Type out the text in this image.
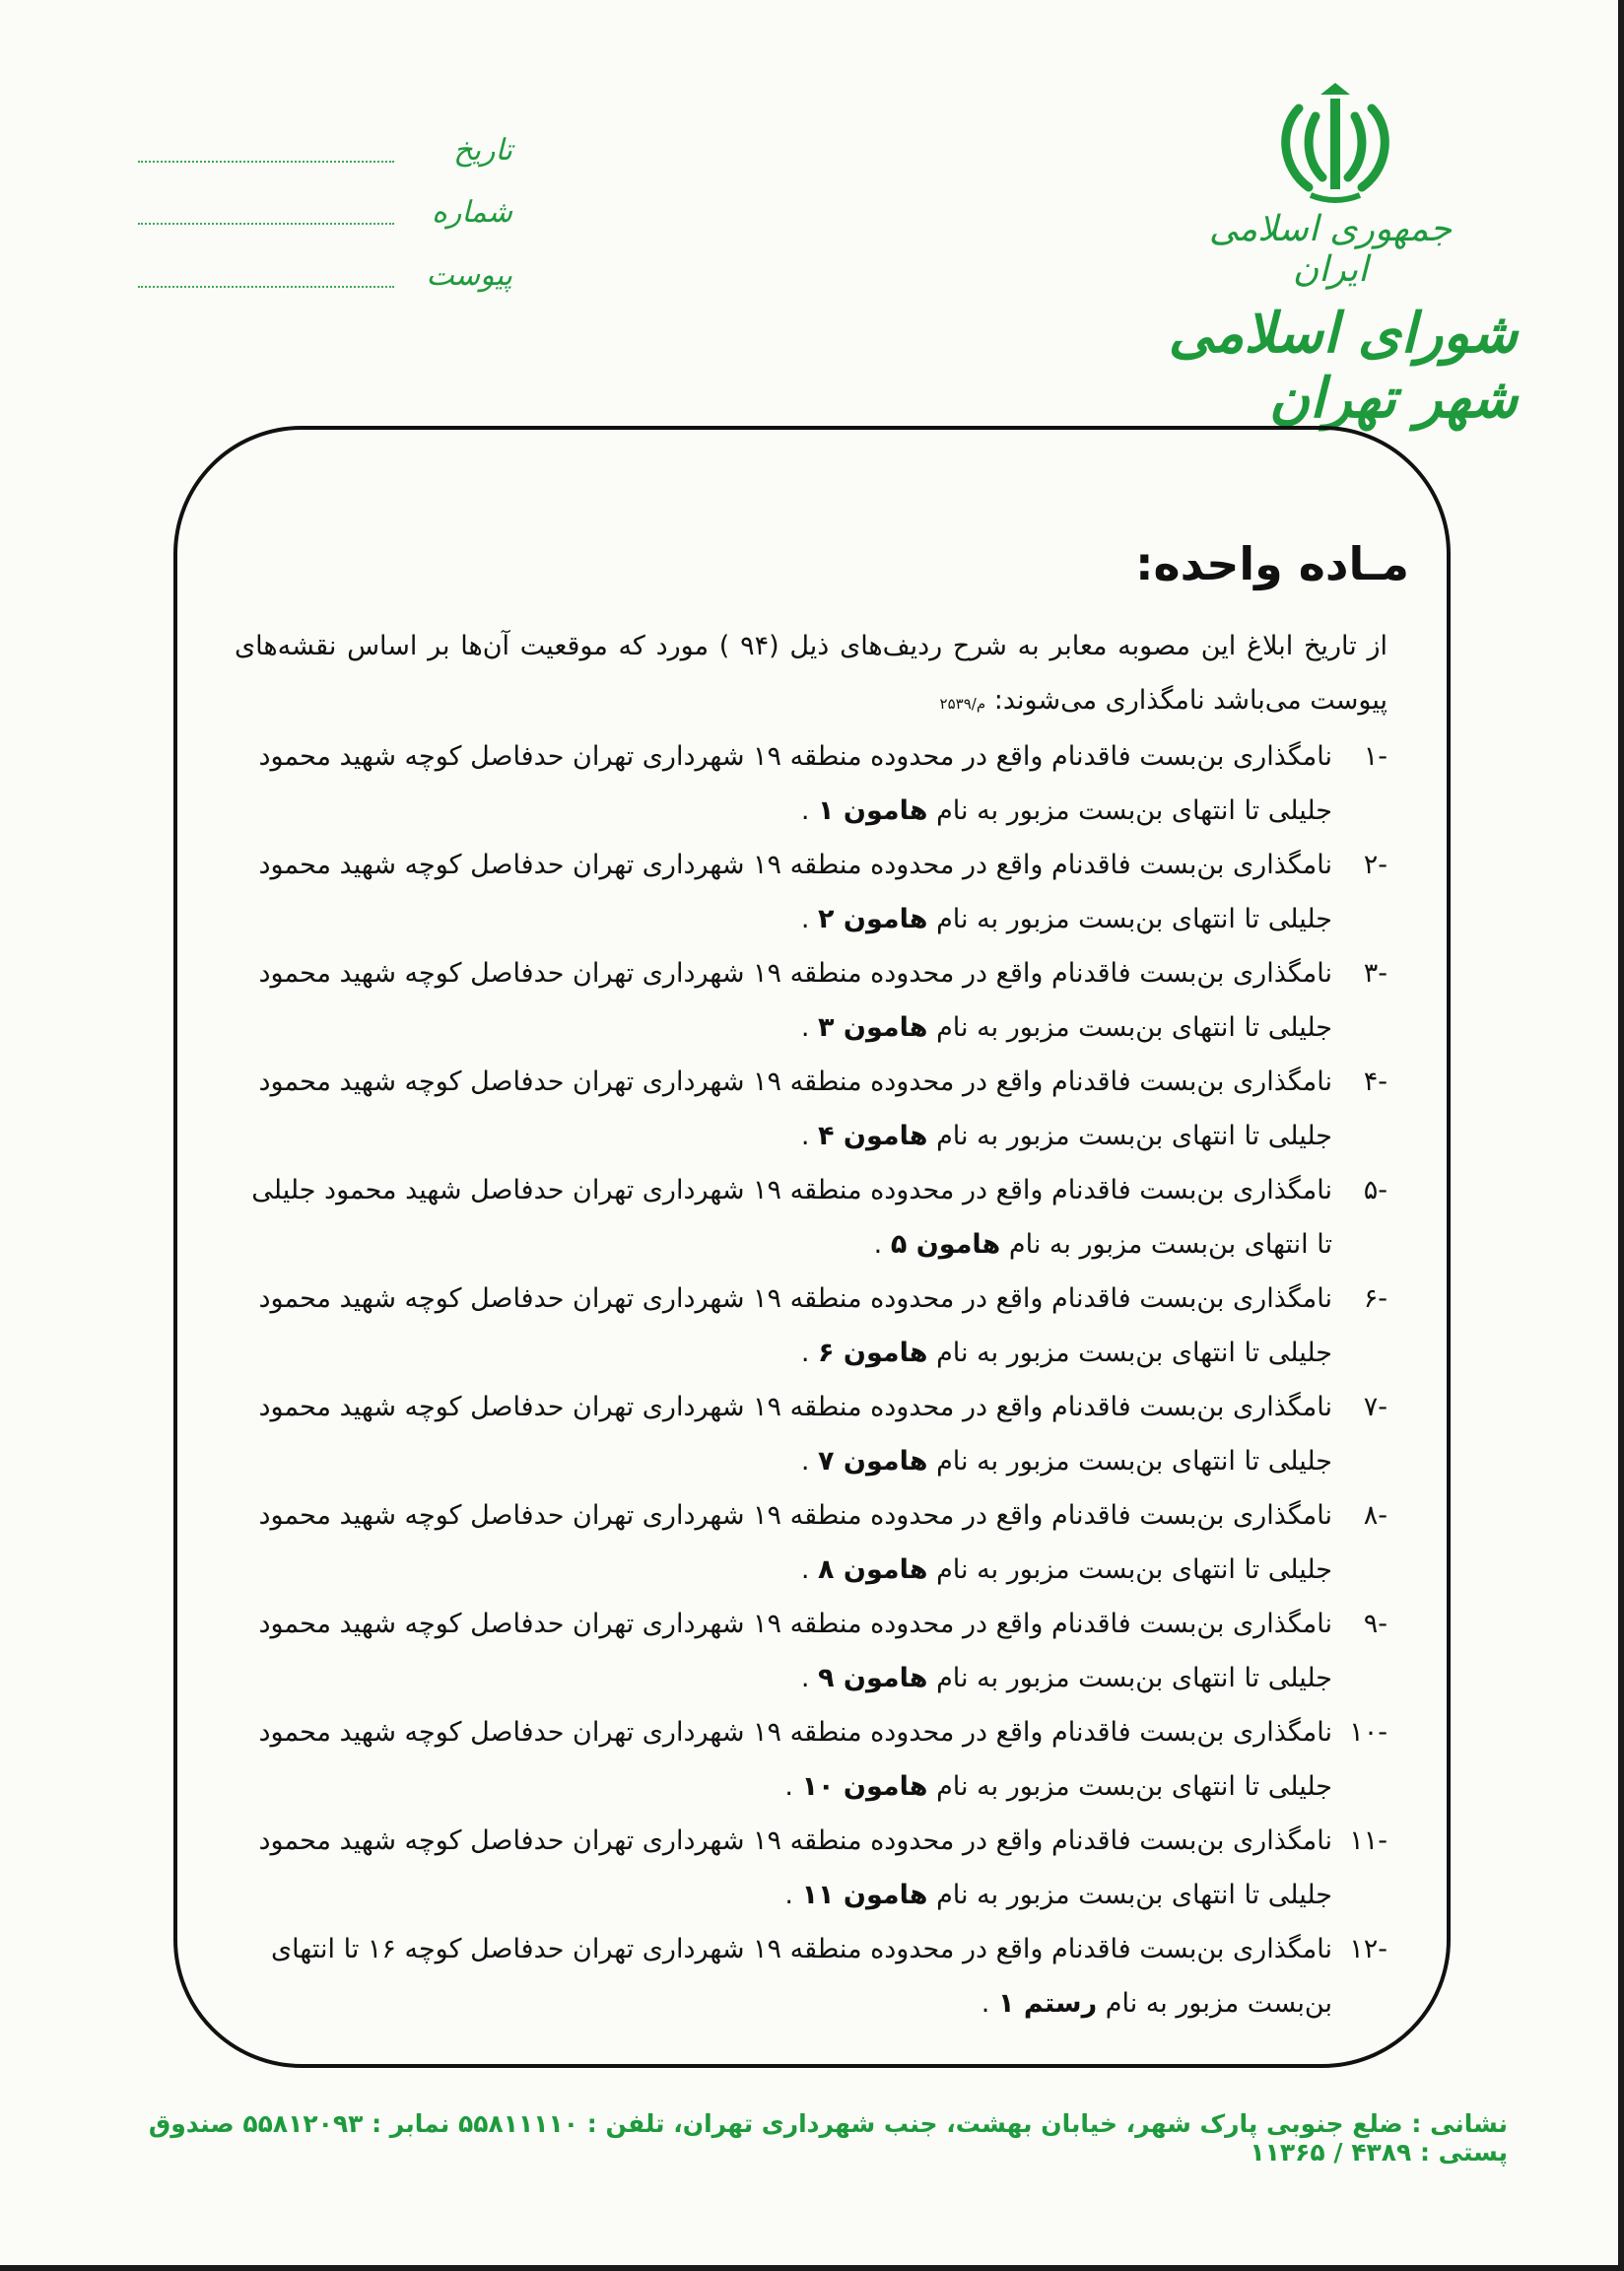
جمهوری اسلامی ایران
شورای اسلامی شهر تهران
تاریخ
شماره
پیوست
مـاده واحده:
از تاریخ ابلاغ این مصوبه معابر به شرح ردیف‌های ذیل (۹۴ ) مورد که موقعیت آن‌ها بر اساس نقشه‌های پیوست می‌باشد نامگذاری می‌شوند: م/۲۵۳۹
-۱
نامگذاری بن‌بست فاقدنام واقع در محدوده منطقه ۱۹ شهرداری تهران حدفاصل کوچه شهید محمود جلیلی تا انتهای بن‌بست مزبور به نام هامون ۱ .
-۲
نامگذاری بن‌بست فاقدنام واقع در محدوده منطقه ۱۹ شهرداری تهران حدفاصل کوچه شهید محمود جلیلی تا انتهای بن‌بست مزبور به نام هامون ۲ .
-۳
نامگذاری بن‌بست فاقدنام واقع در محدوده منطقه ۱۹ شهرداری تهران حدفاصل کوچه شهید محمود جلیلی تا انتهای بن‌بست مزبور به نام هامون ۳ .
-۴
نامگذاری بن‌بست فاقدنام واقع در محدوده منطقه ۱۹ شهرداری تهران حدفاصل کوچه شهید محمود جلیلی تا انتهای بن‌بست مزبور به نام هامون ۴ .
-۵
نامگذاری بن‌بست فاقدنام واقع در محدوده منطقه ۱۹ شهرداری تهران حدفاصل شهید محمود جلیلی تا انتهای بن‌بست مزبور به نام هامون ۵ .
-۶
نامگذاری بن‌بست فاقدنام واقع در محدوده منطقه ۱۹ شهرداری تهران حدفاصل کوچه شهید محمود جلیلی تا انتهای بن‌بست مزبور به نام هامون ۶ .
-۷
نامگذاری بن‌بست فاقدنام واقع در محدوده منطقه ۱۹ شهرداری تهران حدفاصل کوچه شهید محمود جلیلی تا انتهای بن‌بست مزبور به نام هامون ۷ .
-۸
نامگذاری بن‌بست فاقدنام واقع در محدوده منطقه ۱۹ شهرداری تهران حدفاصل کوچه شهید محمود جلیلی تا انتهای بن‌بست مزبور به نام هامون ۸ .
-۹
نامگذاری بن‌بست فاقدنام واقع در محدوده منطقه ۱۹ شهرداری تهران حدفاصل کوچه شهید محمود جلیلی تا انتهای بن‌بست مزبور به نام هامون ۹ .
-۱۰
نامگذاری بن‌بست فاقدنام واقع در محدوده منطقه ۱۹ شهرداری تهران حدفاصل کوچه شهید محمود جلیلی تا انتهای بن‌بست مزبور به نام هامون ۱۰ .
-۱۱
نامگذاری بن‌بست فاقدنام واقع در محدوده منطقه ۱۹ شهرداری تهران حدفاصل کوچه شهید محمود جلیلی تا انتهای بن‌بست مزبور به نام هامون ۱۱ .
-۱۲
نامگذاری بن‌بست فاقدنام واقع در محدوده منطقه ۱۹ شهرداری تهران حدفاصل کوچه ۱۶ تا انتهای بن‌بست مزبور به نام رستم ۱ .
نشانی : ضلع جنوبی پارک شهر، خیابان بهشت، جنب شهرداری تهران، تلفن : ۵۵۸۱۱۱۱۰ نمابر : ۵۵۸۱۲۰۹۳ صندوق پستی : ۴۳۸۹ / ۱۱۳۶۵
